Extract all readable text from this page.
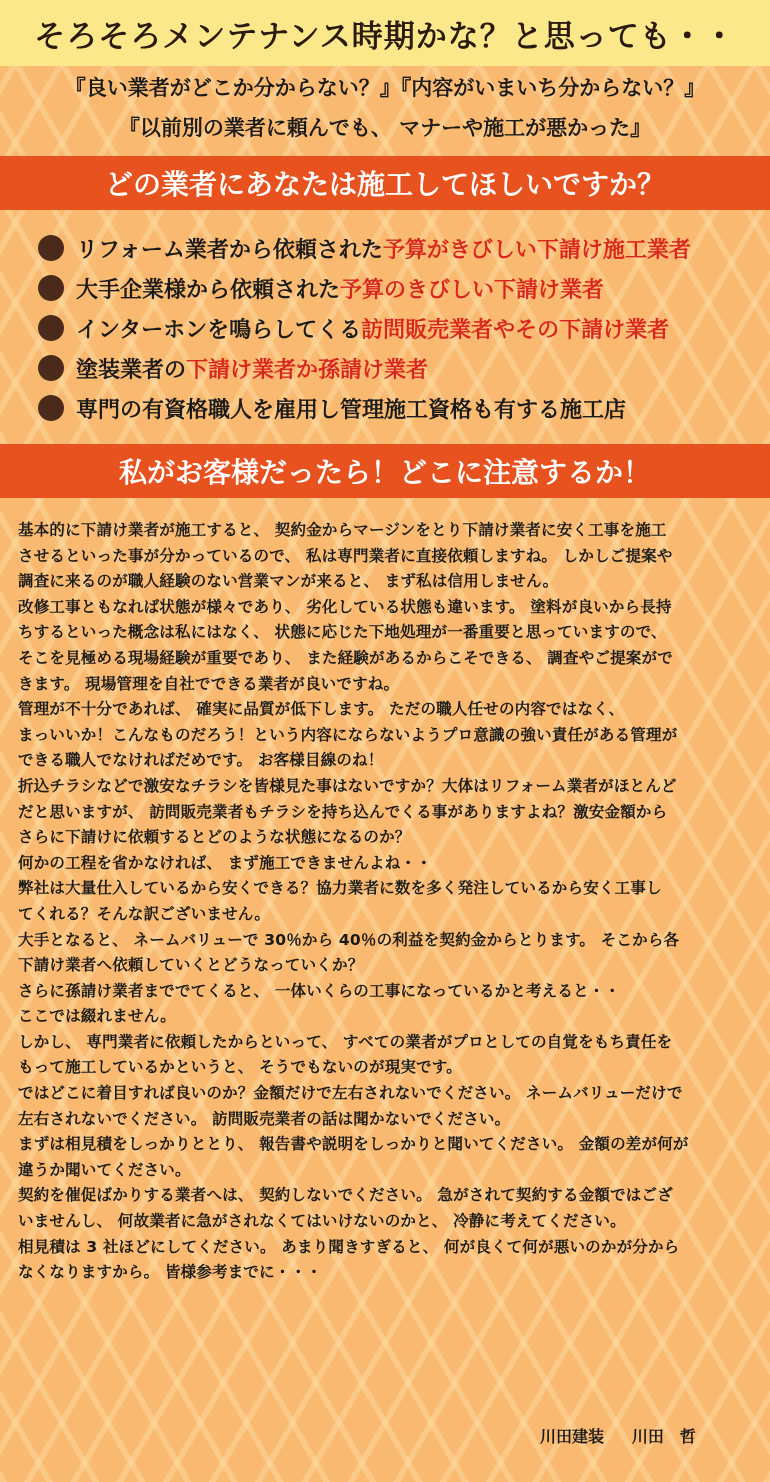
そろそろメンテナンス時期かな？と思っても・・
『良い業者がどこか分からない？』『内容がいまいち分からない？』
『以前別の業者に頼んでも、 マナーや施工が悪かった』
どの業者にあなたは施工してほしいですか？
リフォーム業者から依頼された 予算がきびしい下請け施工業者
大手企業様から依頼された 予算のきびしい下請け業者
インターホンを鳴らしてくる 訪問販売業者やその下請け業者
塗装業者の 下請け業者か孫請け業者
専門の有資格職人を雇用し管理施工資格も有する施工店
私がお客様だったら！どこに注意するか！

基本的に下請け業者が施工すると、 契約金からマージンをとり下請け業者に安く工事を施工

させるといった事が分かっているので、 私は専門業者に直接依頼しますね。 しかしご提案や

調査に来るのが職人経験のない営業マンが来ると、 まず私は信用しません。

改修工事ともなれば状態が様々であり、 劣化している状態も違います。 塗料が良いから長持

ちするといった概念は私にはなく、 状態に応じた下地処理が一番重要と思っていますので、

そこを見極める現場経験が重要であり、 また経験があるからこそできる、 調査やご提案がで

きます。 現場管理を自社でできる業者が良いですね。

管理が不十分であれば、 確実に品質が低下します。 ただの職人任せの内容ではなく、

まっいいか！こんなものだろう！という内容にならないようプロ意識の強い責任がある管理が

できる職人でなければだめです。 お客様目線のね！

折込チラシなどで激安なチラシを皆様見た事はないですか？大体はリフォーム業者がほとんど

だと思いますが、 訪問販売業者もチラシを持ち込んでくる事がありますよね？激安金額から

さらに下請けに依頼するとどのような状態になるのか？

何かの工程を省かなければ、 まず施工できませんよね・・

弊社は大量仕入しているから安くできる？協力業者に数を多く発注しているから安く工事し

てくれる？そんな訳ございません。

大手となると、 ネームバリューで 30％から 40％の利益を契約金からとります。 そこから各

下請け業者へ依頼していくとどうなっていくか？

さらに孫請け業者まででてくると、 一体いくらの工事になっているかと考えると・・

ここでは綴れません。

しかし、 専門業者に依頼したからといって、 すべての業者がプロとしての自覚をもち責任を

もって施工しているかというと、 そうでもないのが現実です。

ではどこに着目すれば良いのか？金額だけで左右されないでください。 ネームバリューだけで

左右されないでください。 訪問販売業者の話は聞かないでください。

まずは相見積をしっかりととり、 報告書や説明をしっかりと聞いてください。 金額の差が何が

違うか聞いてください。

契約を催促ばかりする業者へは、 契約しないでください。 急がされて契約する金額ではござ

いませんし、 何故業者に急がされなくてはいけないのかと、 冷静に考えてください。

相見積は 3 社ほどにしてください。 あまり聞きすぎると、 何が良くて何が悪いのかが分から

なくなりますから。 皆様参考までに・・・

川田建装 川田　哲
